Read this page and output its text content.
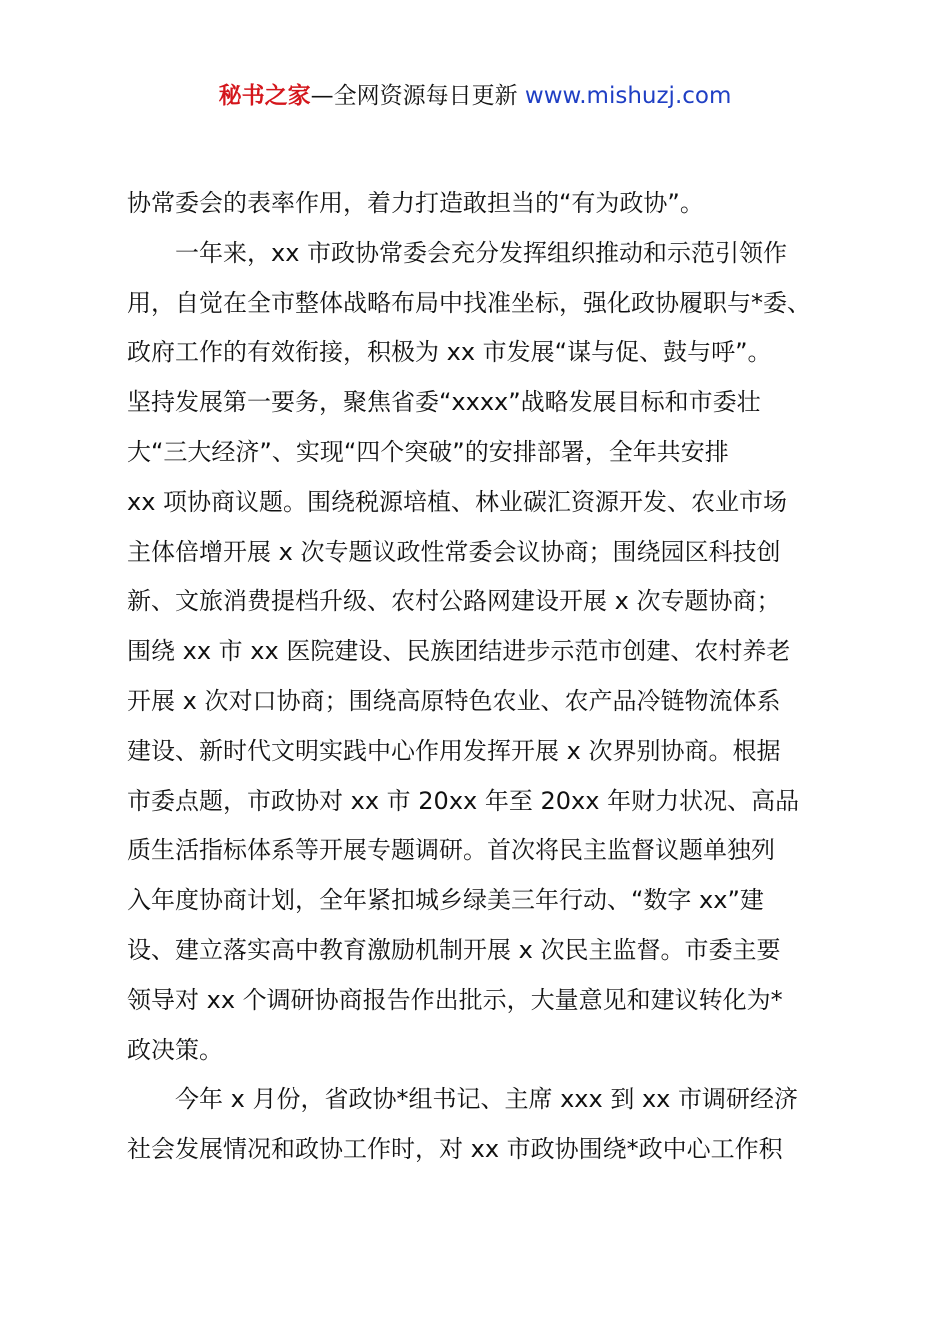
秘书之家—全网资源每日更新 www.mishuzj.com
协常委会的表率作用，着力打造敢担当的“有为政协”。
　　一年来，xx 市政协常委会充分发挥组织推动和示范引领作
用，自觉在全市整体战略布局中找准坐标，强化政协履职与*委、
政府工作的有效衔接，积极为 xx 市发展“谋与促、鼓与呼”。
坚持发展第一要务，聚焦省委“xxxx”战略发展目标和市委壮
大“三大经济”、实现“四个突破”的安排部署，全年共安排
xx 项协商议题。围绕税源培植、林业碳汇资源开发、农业市场
主体倍增开展 x 次专题议政性常委会议协商；围绕园区科技创
新、文旅消费提档升级、农村公路网建设开展 x 次专题协商；
围绕 xx 市 xx 医院建设、民族团结进步示范市创建、农村养老
开展 x 次对口协商；围绕高原特色农业、农产品冷链物流体系
建设、新时代文明实践中心作用发挥开展 x 次界别协商。根据
市委点题，市政协对 xx 市 20xx 年至 20xx 年财力状况、高品
质生活指标体系等开展专题调研。首次将民主监督议题单独列
入年度协商计划，全年紧扣城乡绿美三年行动、“数字 xx”建
设、建立落实高中教育激励机制开展 x 次民主监督。市委主要
领导对 xx 个调研协商报告作出批示，大量意见和建议转化为*
政决策。
　　今年 x 月份，省政协*组书记、主席 xxx 到 xx 市调研经济
社会发展情况和政协工作时，对 xx 市政协围绕*政中心工作积
